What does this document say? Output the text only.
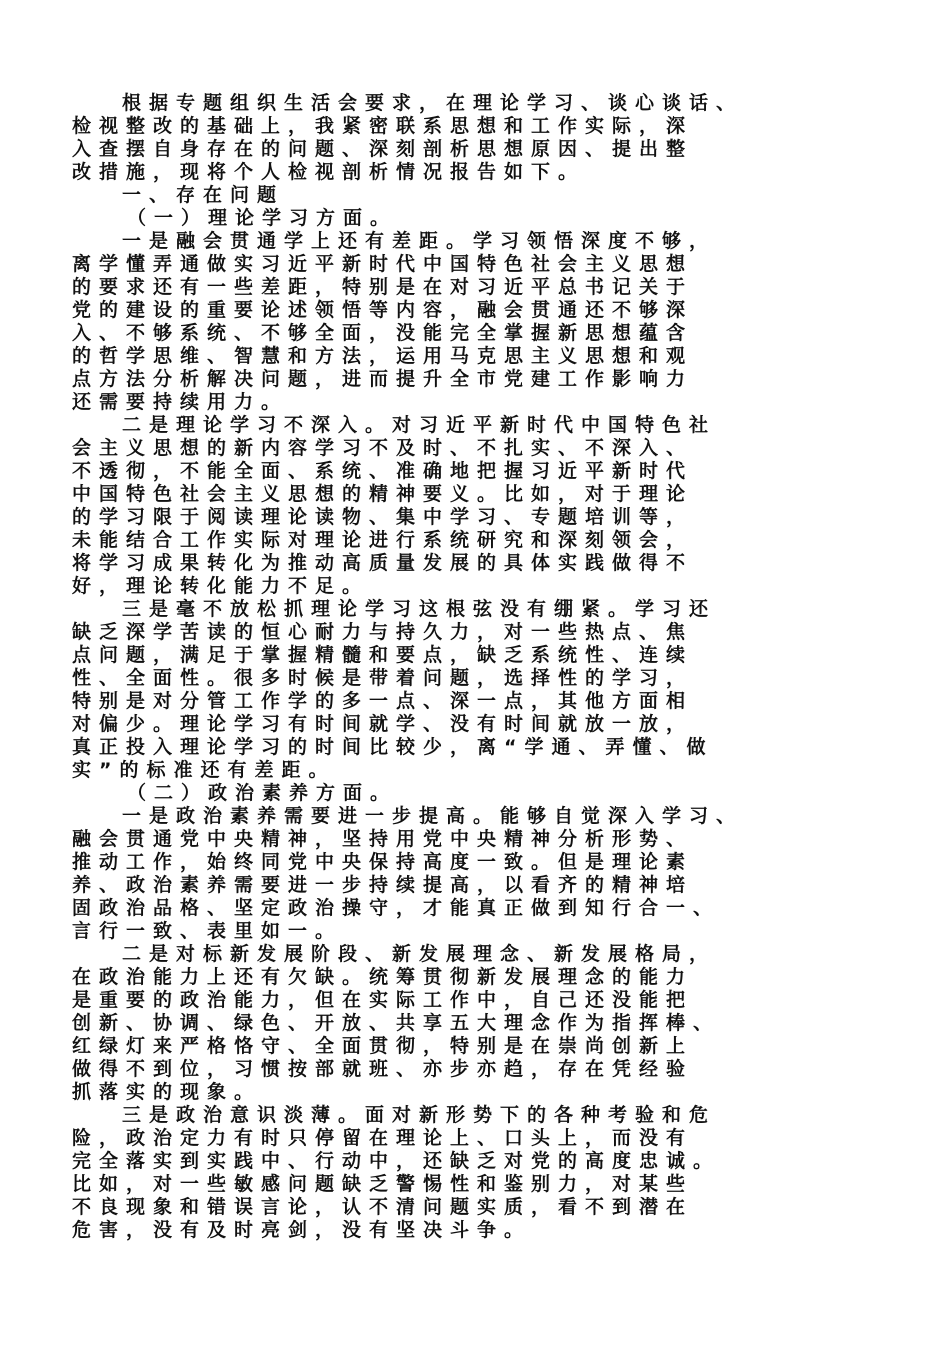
根据专题组织生活会要求，在理论学习、谈心谈话、
检视整改的基础上，我紧密联系思想和工作实际，深
入查摆自身存在的问题、深刻剖析思想原因、提出整
改措施，现将个人检视剖析情况报告如下。
一、存在问题
（一）理论学习方面。
一是融会贯通学上还有差距。学习领悟深度不够，
离学懂弄通做实习近平新时代中国特色社会主义思想
的要求还有一些差距，特别是在对习近平总书记关于
党的建设的重要论述领悟等内容，融会贯通还不够深
入、不够系统、不够全面，没能完全掌握新思想蕴含
的哲学思维、智慧和方法，运用马克思主义思想和观
点方法分析解决问题，进而提升全市党建工作影响力
还需要持续用力。
二是理论学习不深入。对习近平新时代中国特色社
会主义思想的新内容学习不及时、不扎实、不深入、
不透彻，不能全面、系统、准确地把握习近平新时代
中国特色社会主义思想的精神要义。比如，对于理论
的学习限于阅读理论读物、集中学习、专题培训等，
未能结合工作实际对理论进行系统研究和深刻领会，
将学习成果转化为推动高质量发展的具体实践做得不
好，理论转化能力不足。
三是毫不放松抓理论学习这根弦没有绷紧。学习还
缺乏深学苦读的恒心耐力与持久力，对一些热点、焦
点问题，满足于掌握精髓和要点，缺乏系统性、连续
性、全面性。很多时候是带着问题，选择性的学习，
特别是对分管工作学的多一点、深一点，其他方面相
对偏少。理论学习有时间就学、没有时间就放一放，
真正投入理论学习的时间比较少，离“学通、弄懂、做
实”的标准还有差距。
（二）政治素养方面。
一是政治素养需要进一步提高。能够自觉深入学习、
融会贯通党中央精神，坚持用党中央精神分析形势、
推动工作，始终同党中央保持高度一致。但是理论素
养、政治素养需要进一步持续提高，以看齐的精神培
固政治品格、坚定政治操守，才能真正做到知行合一、
言行一致、表里如一。
二是对标新发展阶段、新发展理念、新发展格局，
在政治能力上还有欠缺。统筹贯彻新发展理念的能力
是重要的政治能力，但在实际工作中，自己还没能把
创新、协调、绿色、开放、共享五大理念作为指挥棒、
红绿灯来严格恪守、全面贯彻，特别是在崇尚创新上
做得不到位，习惯按部就班、亦步亦趋，存在凭经验
抓落实的现象。
三是政治意识淡薄。面对新形势下的各种考验和危
险，政治定力有时只停留在理论上、口头上，而没有
完全落实到实践中、行动中，还缺乏对党的高度忠诚。
比如，对一些敏感问题缺乏警惕性和鉴别力，对某些
不良现象和错误言论，认不清问题实质，看不到潜在
危害，没有及时亮剑，没有坚决斗争。
